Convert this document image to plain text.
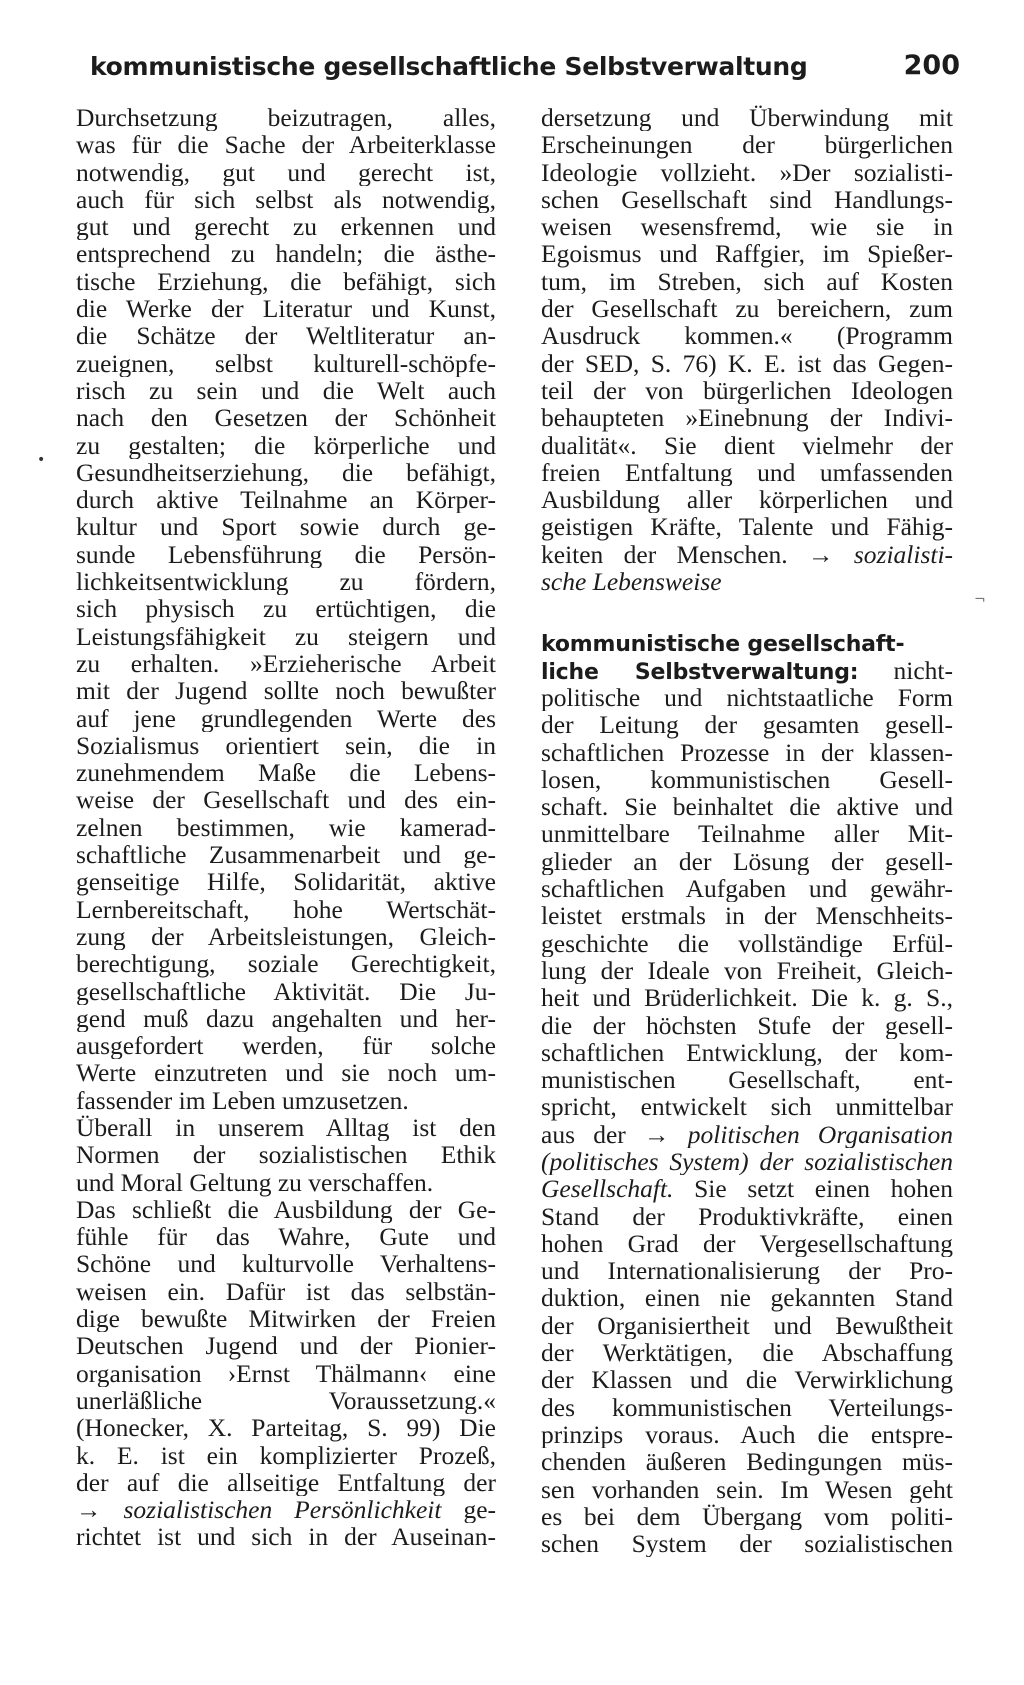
kommunistische gesellschaftliche Selbstverwaltung	200
•
¬
Durchsetzung beizutragen, alles,
was für die Sache der Arbeiterklasse
notwendig, gut und gerecht ist,
auch für sich selbst als notwendig,
gut und gerecht zu erkennen und
entsprechend zu handeln; die ästhe-
tische Erziehung, die befähigt, sich
die Werke der Literatur und Kunst,
die Schätze der Weltliteratur an-
zueignen, selbst kulturell-schöpfe-
risch zu sein und die Welt auch
nach den Gesetzen der Schönheit
zu gestalten; die körperliche und
Gesundheitserziehung, die befähigt,
durch aktive Teilnahme an Körper-
kultur und Sport sowie durch ge-
sunde Lebensführung die Persön-
lichkeitsentwicklung zu fördern,
sich physisch zu ertüchtigen, die
Leistungsfähigkeit zu steigern und
zu erhalten. »Erzieherische Arbeit
mit der Jugend sollte noch bewußter
auf jene grundlegenden Werte des
Sozialismus orientiert sein, die in
zunehmendem Maße die Lebens-
weise der Gesellschaft und des ein-
zelnen bestimmen, wie kamerad-
schaftliche Zusammenarbeit und ge-
genseitige Hilfe, Solidarität, aktive
Lernbereitschaft, hohe Wertschät-
zung der Arbeitsleistungen, Gleich-
berechtigung, soziale Gerechtigkeit,
gesellschaftliche Aktivität. Die Ju-
gend muß dazu angehalten und her-
ausgefordert werden, für solche
Werte einzutreten und sie noch um-
fassender im Leben umzusetzen.
Überall in unserem Alltag ist den
Normen der sozialistischen Ethik
und Moral Geltung zu verschaffen.
Das schließt die Ausbildung der Ge-
fühle für das Wahre, Gute und
Schöne und kulturvolle Verhaltens-
weisen ein. Dafür ist das selbstän-
dige bewußte Mitwirken der Freien
Deutschen Jugend und der Pionier-
organisation ›Ernst Thälmann‹ eine
unerläßliche Voraussetzung.«
(Honecker, X. Parteitag, S. 99) Die
k. E. ist ein komplizierter Prozeß,
der auf die allseitige Entfaltung der
→ sozialistischen Persönlichkeit ge-
richtet ist und sich in der Auseinan-
dersetzung und Überwindung mit
Erscheinungen der bürgerlichen
Ideologie vollzieht. »Der sozialisti-
schen Gesellschaft sind Handlungs-
weisen wesensfremd, wie sie in
Egoismus und Raffgier, im Spießer-
tum, im Streben, sich auf Kosten
der Gesellschaft zu bereichern, zum
Ausdruck kommen.« (Programm
der SED, S. 76) K. E. ist das Gegen-
teil der von bürgerlichen Ideologen
behaupteten »Einebnung der Indivi-
dualität«. Sie dient vielmehr der
freien Entfaltung und umfassenden
Ausbildung aller körperlichen und
geistigen Kräfte, Talente und Fähig-
keiten der Menschen. → sozialisti-
sche Lebensweise
kommunistische gesellschaft-
liche Selbstverwaltung: nicht-
politische und nichtstaatliche Form
der Leitung der gesamten gesell-
schaftlichen Prozesse in der klassen-
losen, kommunistischen Gesell-
schaft. Sie beinhaltet die aktive und
unmittelbare Teilnahme aller Mit-
glieder an der Lösung der gesell-
schaftlichen Aufgaben und gewähr-
leistet erstmals in der Menschheits-
geschichte die vollständige Erfül-
lung der Ideale von Freiheit, Gleich-
heit und Brüderlichkeit. Die k. g. S.,
die der höchsten Stufe der gesell-
schaftlichen Entwicklung, der kom-
munistischen Gesellschaft, ent-
spricht, entwickelt sich unmittelbar
aus der → politischen Organisation
(politisches System) der sozialistischen
Gesellschaft. Sie setzt einen hohen
Stand der Produktivkräfte, einen
hohen Grad der Vergesellschaftung
und Internationalisierung der Pro-
duktion, einen nie gekannten Stand
der Organisiertheit und Bewußtheit
der Werktätigen, die Abschaffung
der Klassen und die Verwirklichung
des kommunistischen Verteilungs-
prinzips voraus. Auch die entspre-
chenden äußeren Bedingungen müs-
sen vorhanden sein. Im Wesen geht
es bei dem Übergang vom politi-
schen System der sozialistischen
